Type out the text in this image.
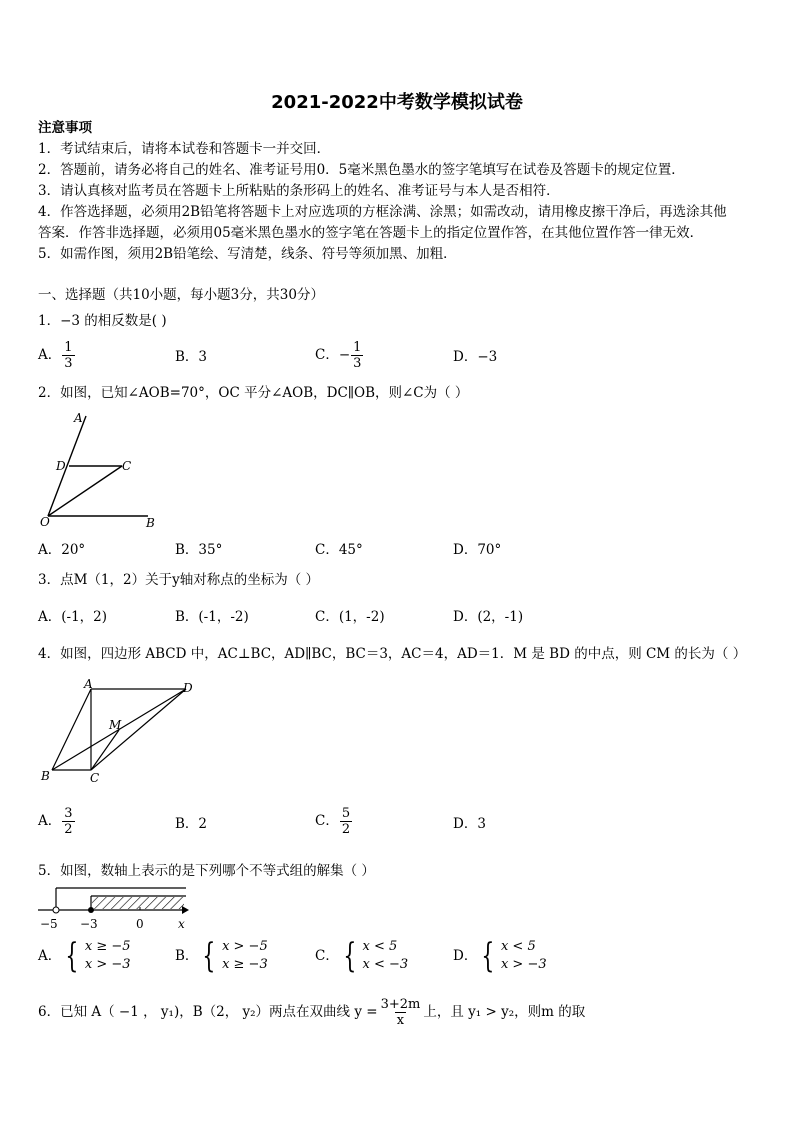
2021-2022中考数学模拟试卷
注意事项
1．考试结束后，请将本试卷和答题卡一并交回．
2．答题前，请务必将自己的姓名、准考证号用0．5毫米黑色墨水的签字笔填写在试卷及答题卡的规定位置．
3．请认真核对监考员在答题卡上所粘贴的条形码上的姓名、准考证号与本人是否相符．
4．作答选择题，必须用2B铅笔将答题卡上对应选项的方框涂满、涂黑；如需改动，请用橡皮擦干净后，再选涂其他
答案．作答非选择题，必须用05毫米黑色墨水的签字笔在答题卡上的指定位置作答，在其他位置作答一律无效．
5．如需作图，须用2B铅笔绘、写清楚，线条、符号等须加黑、加粗．
一、选择题（共10小题，每小题3分，共30分）
1．−3 的相反数是( )
A． $\frac{1}{3}$	B．3	C．− $\frac{1}{3}$	D．−3
2．如图，已知∠AOB=70°，OC 平分∠AOB，DC∥OB，则∠C为（ ）
A
D	C
O	B
A．20°	B．35°	C．45°	D．70°
3．点M（1，2）关于y轴对称点的坐标为（ ）
A．(-1，2)	B．(-1，-2)	C．(1，-2)	D．(2，-1)
4．如图，四边形 ABCD 中，AC⊥BC，AD∥BC，BC＝3，AC＝4，AD＝1．M 是 BD 的中点，则 CM 的长为（ ）
A	D
M
B	C
A． $\frac{3}{2}$	B．2	C． $\frac{5}{2}$	D．3
5．如图，数轴上表示的是下列哪个不等式组的解集（ ）
−5 −3	0	x
A． { x ≥ −5
x > −3
B． { x > −5
x ≥ −3
C． { x < 5
x < −3
D． { x < 5
x > −3
6．已知 A（ −1 ， y₁)，B（2， y₂）两点在双曲线 $y = \frac{3+2m}{x}$ 上，且 y₁ > y₂，则m 的取
